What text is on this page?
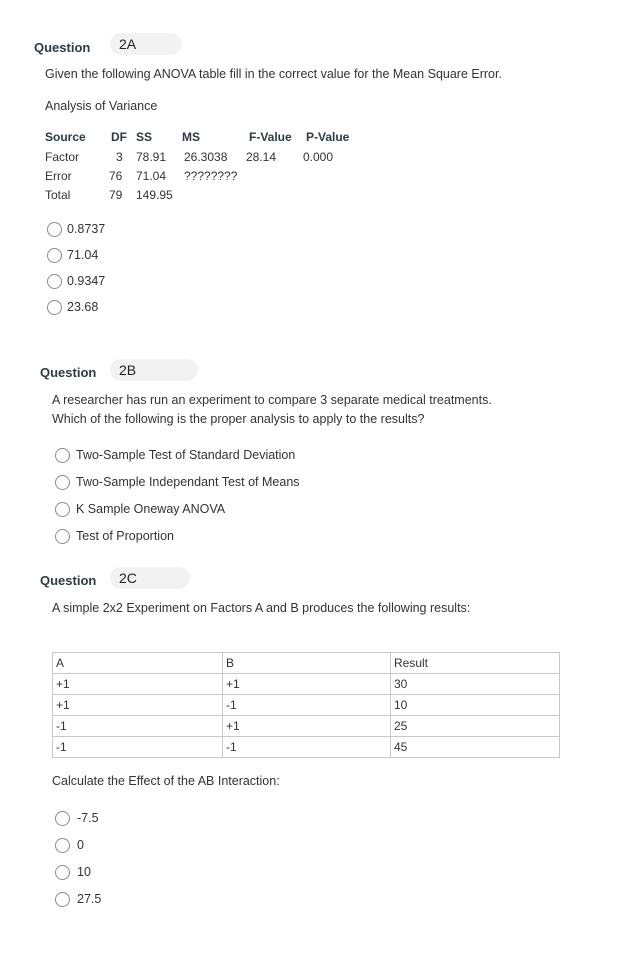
Question	2A
Given the following ANOVA table fill in the correct value for the Mean Square Error.
Analysis of Variance
Source DF SS MS	F-Value P-Value
Factor	3 78.91 26.3038 28.14 0.000
Error	76 71.04 ????????
Total	79 149.95
0.8737
71.04
0.9347
23.68
Question	2B
A researcher has run an experiment to compare 3 separate medical treatments.
Which of the following is the proper analysis to apply to the results?
Two-Sample Test of Standard Deviation
Two-Sample Independant Test of Means
K Sample Oneway ANOVA
Test of Proportion
Question	2C
A simple 2x2 Experiment on Factors A and B produces the following results:
A	B	Result
+1	+1	30
+1	-1	10
-1	+1	25
-1	-1	45
Calculate the Effect of the AB Interaction:
-7.5
0
10
27.5
